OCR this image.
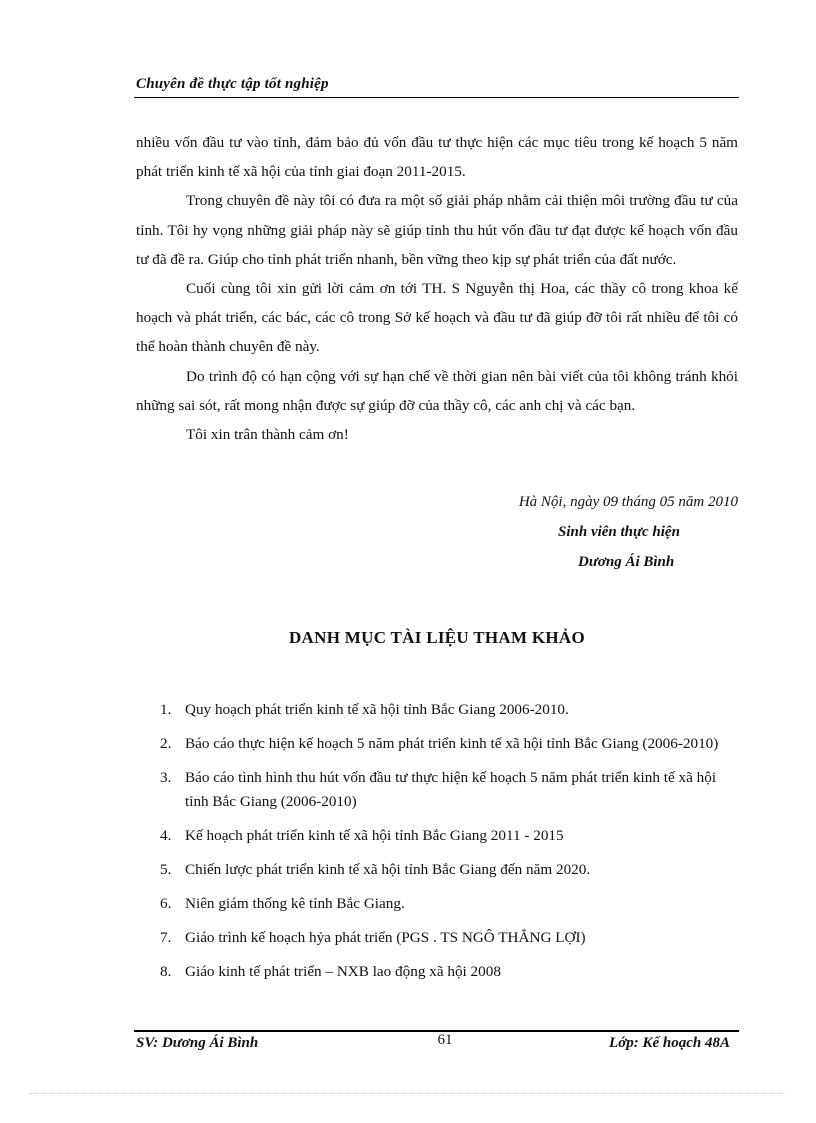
Chuyên đề thực tập tốt nghiệp

nhiều vốn đầu tư vào tỉnh, đảm bảo đủ vốn đầu tư thực hiện các mục tiêu trong kế hoạch 5 năm phát triển kinh tế xã hội của tỉnh giai đoạn 2011-2015.

Trong chuyên đề này tôi có đưa ra một số giải pháp nhằm cải thiện môi trường đầu tư của tỉnh. Tôi hy vọng những giải pháp này sẽ giúp tỉnh thu hút vốn đầu tư đạt được kế hoạch vốn đầu tư đã đề ra. Giúp cho tỉnh phát triển nhanh, bền vững theo kịp sự phát triển của đất nước.

Cuối cùng tôi xin gửi lời cảm ơn tới TH. S Nguyễn thị Hoa, các thầy cô trong khoa kế hoạch và phát triển, các bác, các cô trong Sở kế hoạch và đầu tư đã giúp đỡ tôi rất nhiều để tôi có thể hoàn thành chuyên đề này.

Do trình độ có hạn cộng với sự hạn chế về thời gian nên bài viết của tôi không tránh khỏi những sai sót, rất mong nhận được sự giúp đỡ của thầy cô, các anh chị và các bạn.

Tôi xin trân thành cảm ơn!

Hà Nội, ngày 09 tháng 05 năm 2010

Sinh viên thực hiện

Dương Ái Bình

DANH MỤC TÀI LIỆU THAM KHẢO
1. Quy hoạch phát triển kinh tế xã hội tỉnh Bắc Giang 2006-2010.
2. Báo cáo thực hiện kế hoạch 5 năm phát triển kinh tế xã hội tỉnh Bắc Giang (2006-2010)
3. Báo cáo tình hình thu hút vốn đầu tư thực hiện kế hoạch 5 năm phát triển kinh tế xã hội tỉnh Bắc Giang (2006-2010)
4. Kế hoạch phát triển kinh tế xã hội tỉnh Bắc Giang 2011 - 2015
5. Chiến lược phát triển kinh tế xã hội tỉnh Bắc Giang đến năm 2020.
6. Niên giám thống kê tỉnh Bắc Giang.
7. Giáo trình kế hoạch hỷa phát triển (PGS . TS NGÔ THẮNG LỢI)
8. Giáo kinh tế phát triển – NXB lao động xã hội 2008
SV: Dương Ái Bình	61	Lớp: Kế hoạch 48A
